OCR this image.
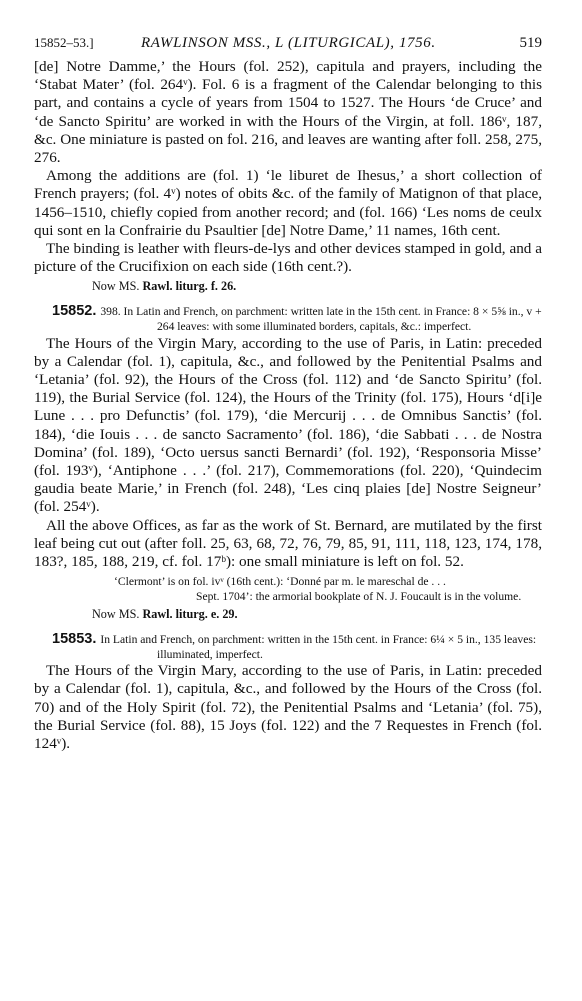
15852–53.]	RAWLINSON MSS., L (LITURGICAL), 1756.	519

[de] Notre Damme,’ the Hours (fol. 252), capitula and prayers, including the ‘Stabat Mater’ (fol. 264ᵛ). Fol. 6 is a fragment of the Calendar belonging to this part, and contains a cycle of years from 1504 to 1527. The Hours ‘de Cruce’ and ‘de Sancto Spiritu’ are worked in with the Hours of the Virgin, at foll. 186ᵛ, 187, &c. One miniature is pasted on fol. 216, and leaves are wanting after foll. 258, 275, 276.

Among the additions are (fol. 1) ‘le liburet de Ihesus,’ a short collection of French prayers; (fol. 4ᵛ) notes of obits &c. of the family of Matignon of that place, 1456–1510, chiefly copied from another record; and (fol. 166) ‘Les noms de ceulx qui sont en la Confrairie du Psaultier [de] Notre Dame,’ 11 names, 16th cent.

The binding is leather with fleurs-de-lys and other devices stamped in gold, and a picture of the Crucifixion on each side (16th cent.?).

Now MS. Rawl. liturg. f. 26.

15852. 398. In Latin and French, on parchment: written late in the 15th cent. in France: 8 × 5⅝ in., v + 264 leaves: with some illuminated borders, capitals, &c.: imperfect.

The Hours of the Virgin Mary, according to the use of Paris, in Latin: preceded by a Calendar (fol. 1), capitula, &c., and followed by the Penitential Psalms and ‘Letania’ (fol. 92), the Hours of the Cross (fol. 112) and ‘de Sancto Spiritu’ (fol. 119), the Burial Service (fol. 124), the Hours of the Trinity (fol. 175), Hours ‘d[i]e Lune . . . pro Defunctis’ (fol. 179), ‘die Mercurij . . . de Omnibus Sanctis’ (fol. 184), ‘die Iouis . . . de sancto Sacramento’ (fol. 186), ‘die Sabbati . . . de Nostra Domina’ (fol. 189), ‘Octo uersus sancti Bernardi’ (fol. 192), ‘Responsoria Misse’ (fol. 193ᵛ), ‘Antiphone . . .’ (fol. 217), Commemorations (fol. 220), ‘Quindecim gaudia beate Marie,’ in French (fol. 248), ‘Les cinq plaies [de] Nostre Seigneur’ (fol. 254ᵛ).

All the above Offices, as far as the work of St. Bernard, are mutilated by the first leaf being cut out (after foll. 25, 63, 68, 72, 76, 79, 85, 91, 111, 118, 123, 174, 178, 183?, 185, 188, 219, cf. fol. 17ᵇ): one small miniature is left on fol. 52.

‘Clermont’ is on fol. ivᵛ (16th cent.): ‘Donné par m. le mareschal de . . .
Sept. 1704’: the armorial bookplate of N. J. Foucault is in the volume.

Now MS. Rawl. liturg. e. 29.

15853. In Latin and French, on parchment: written in the 15th cent. in France: 6¼ × 5 in., 135 leaves: illuminated, imperfect.

The Hours of the Virgin Mary, according to the use of Paris, in Latin: preceded by a Calendar (fol. 1), capitula, &c., and followed by the Hours of the Cross (fol. 70) and of the Holy Spirit (fol. 72), the Penitential Psalms and ‘Letania’ (fol. 75), the Burial Service (fol. 88), 15 Joys (fol. 122) and the 7 Requestes in French (fol. 124ᵛ).
